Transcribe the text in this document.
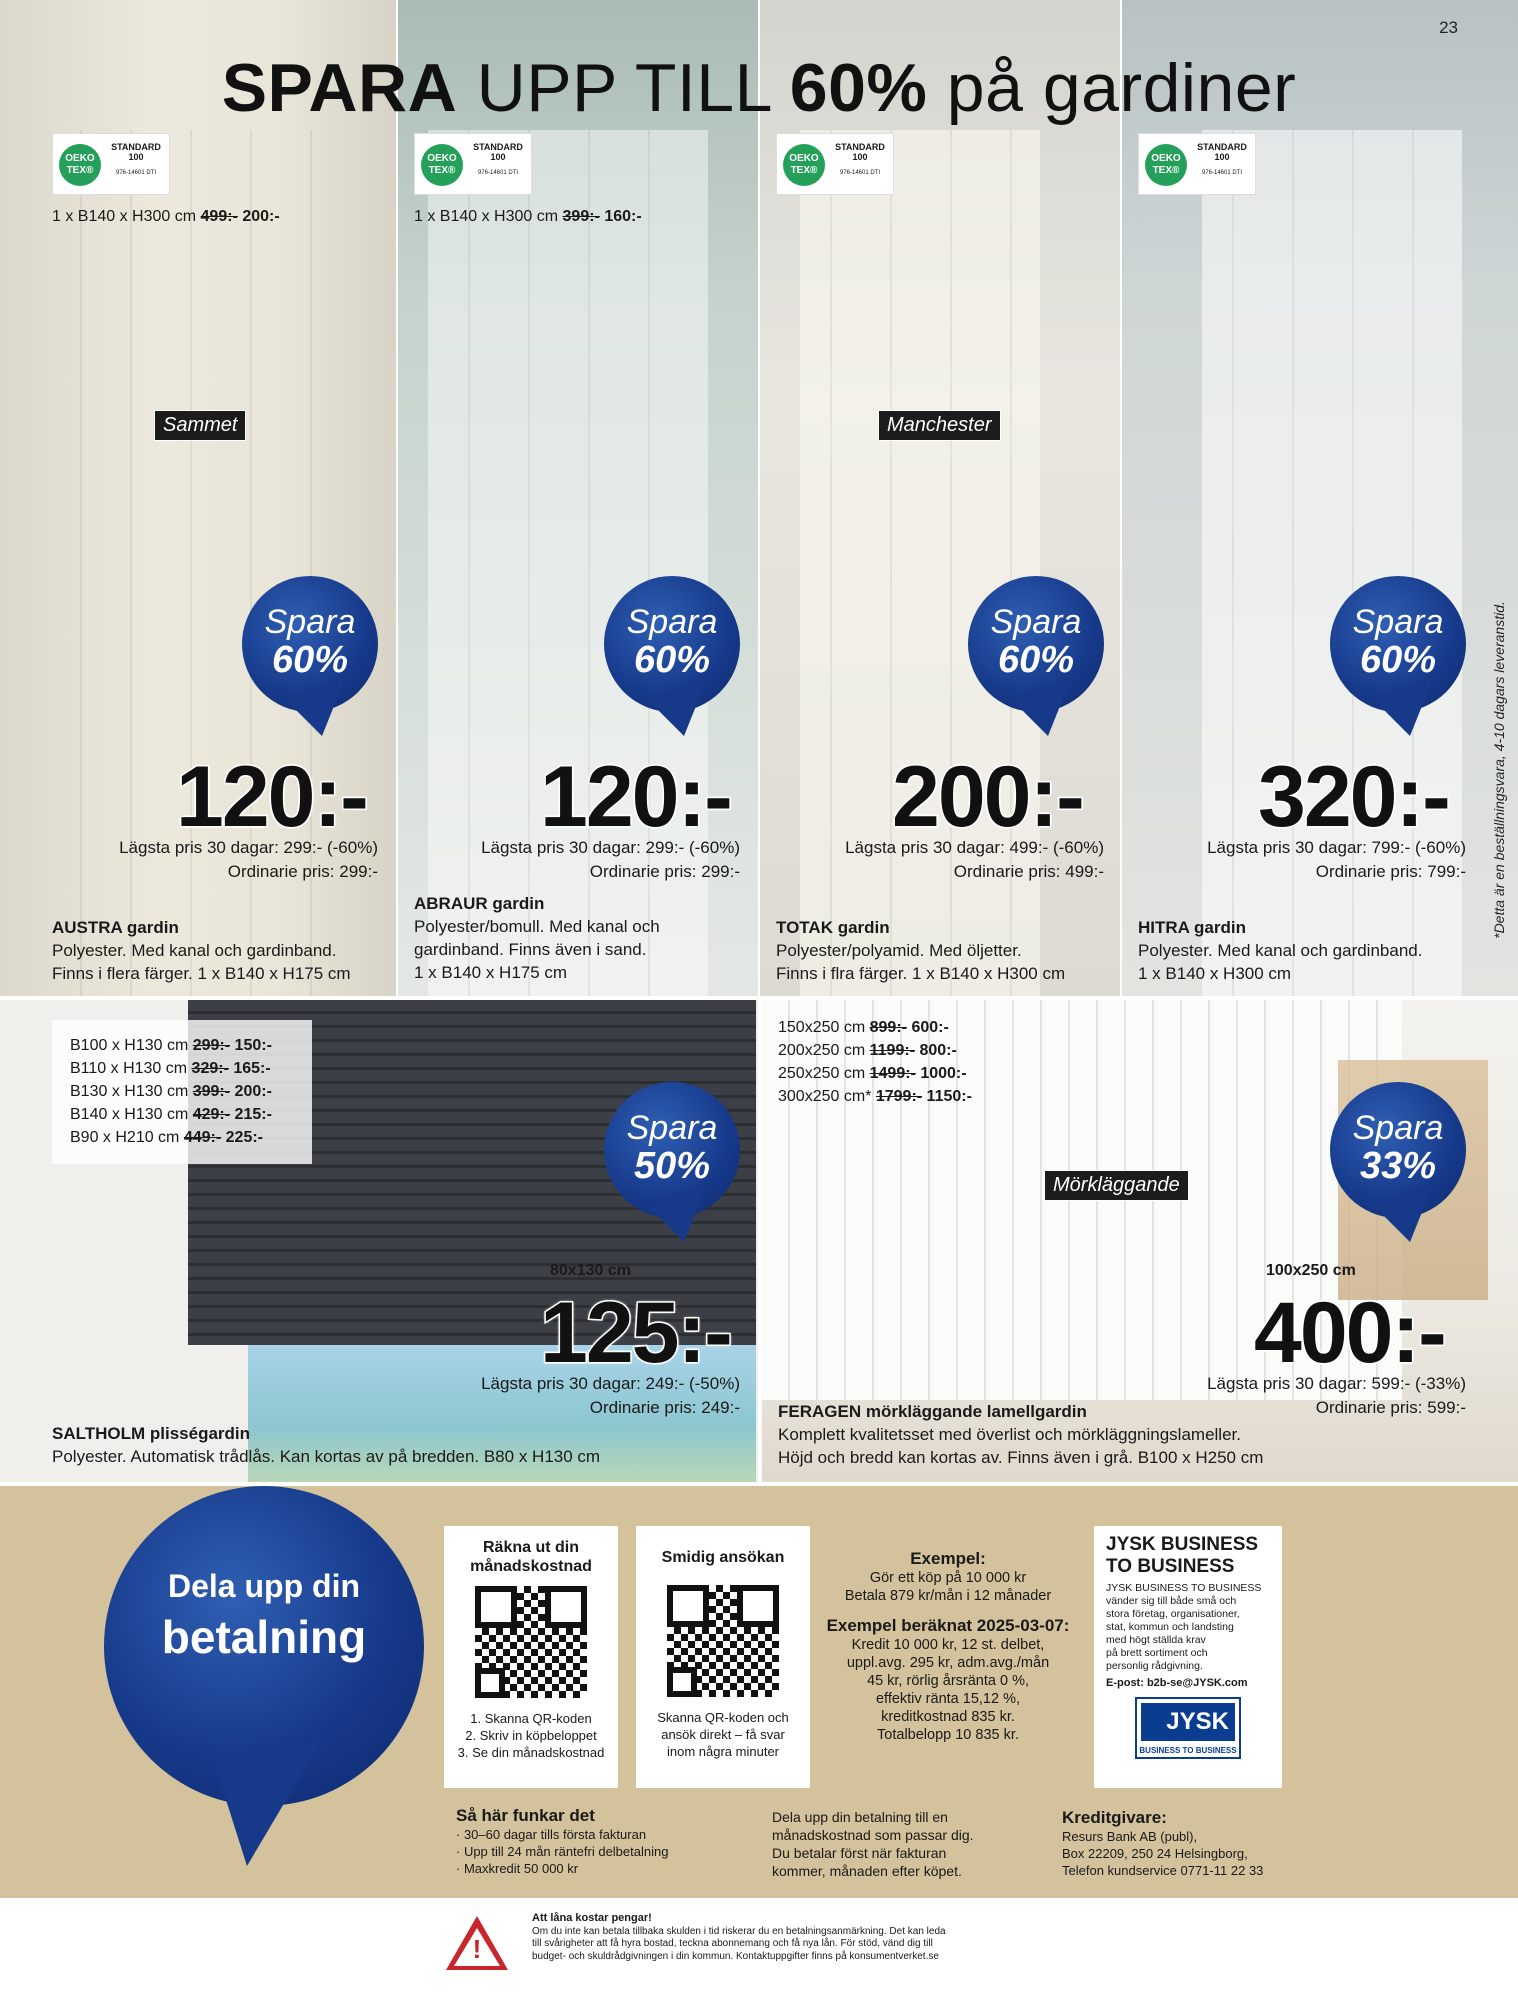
23
SPARA UPP TILL 60% på gardiner
OEKO TEX®
STANDARD 100
976-14601 DTI
OEKO TEX®
STANDARD 100
976-14601 DTI
OEKO TEX®
STANDARD 100
976-14601 DTI
OEKO TEX®
STANDARD 100
976-14601 DTI
1 x B140 x H300 cm 499:- 200:-	1 x B140 x H300 cm 399:- 160:-
Sammet	Manchester
Spara
60%
Spara
60%
Spara
60%
Spara
60%
120:- 120:- 200:- 320:-
Lägsta pris 30 dagar: 299:- (-60%)
Ordinarie pris: 299:-
Lägsta pris 30 dagar: 299:- (-60%)
Ordinarie pris: 299:-
Lägsta pris 30 dagar: 499:- (-60%)
Ordinarie pris: 499:-
Lägsta pris 30 dagar: 799:- (-60%)
Ordinarie pris: 799:-
AUSTRA gardin
Polyester. Med kanal och gardinband.
Finns i flera färger. 1 x B140 x H175 cm
ABRAUR gardin
Polyester/bomull. Med kanal och
gardinband. Finns även i sand.
1 x B140 x H175 cm
TOTAK gardin
Polyester/polyamid. Med öljetter.
Finns i flra färger. 1 x B140 x H300 cm
HITRA gardin
Polyester. Med kanal och gardinband.
1 x B140 x H300 cm
*Detta är en beställningsvara, 4-10 dagars leveranstid.
B100 x H130 cm 299:- 150:-
B110 x H130 cm 329:- 165:-
B130 x H130 cm 399:- 200:-
B140 x H130 cm 429:- 215:-
B90 x H210 cm 449:- 225:-
150x250 cm 899:- 600:-
200x250 cm 1199:- 800:-
250x250 cm 1499:- 1000:-
300x250 cm* 1799:- 1150:-
Mörkläggande
Spara
50%
Spara
33%
80x130 cm	100x250 cm
125:-	400:-
Lägsta pris 30 dagar: 249:- (-50%)
Ordinarie pris: 249:-
Lägsta pris 30 dagar: 599:- (-33%)
Ordinarie pris: 599:-
SALTHOLM plisségardin
Polyester. Automatisk trådlås. Kan kortas av på bredden. B80 x H130 cm
FERAGEN mörkläggande lamellgardin
Komplett kvalitetsset med överlist och mörkläggningslameller.
Höjd och bredd kan kortas av. Finns även i grå. B100 x H250 cm
Dela upp din
betalning
Räkna ut din
månadskostnad
1. Skanna QR-koden
2. Skriv in köpbeloppet
3. Se din månadskostnad
Smidig ansökan
Skanna QR-koden och
ansök direkt – få svar
inom några minuter
Exempel:
Gör ett köp på 10 000 kr
Betala 879 kr/mån i 12 månader
Exempel beräknat 2025-03-07:
Kredit 10 000 kr, 12 st. delbet,
uppl.avg. 295 kr, adm.avg./mån
45 kr, rörlig årsränta 0 %,
effektiv ränta 15,12 %,
kreditkostnad 835 kr.
Totalbelopp 10 835 kr.
JYSK BUSINESS
TO BUSINESS
JYSK BUSINESS TO BUSINESS
vänder sig till både små och
stora företag, organisationer,
stat, kommun och landsting
med högt ställda krav
på brett sortiment och
personlig rådgivning.
E-post: b2b-se@JYSK.com
JYSK
BUSINESS TO BUSINESS
Så här funkar det
· 30–60 dagar tills första fakturan
· Upp till 24 mån räntefri delbetalning
· Maxkredit 50 000 kr
Dela upp din betalning till en
månadskostnad som passar dig.
Du betalar först när fakturan
kommer, månaden efter köpet.
Kreditgivare:
Resurs Bank AB (publ),
Box 22209, 250 24 Helsingborg,
Telefon kundservice 0771-11 22 33
!
Att låna kostar pengar!
Om du inte kan betala tillbaka skulden i tid riskerar du en betalningsanmärkning. Det kan leda
till svårigheter att få hyra bostad, teckna abonnemang och få nya lån. För stöd, vänd dig till
budget- och skuldrådgivningen i din kommun. Kontaktuppgifter finns på konsumentverket.se
